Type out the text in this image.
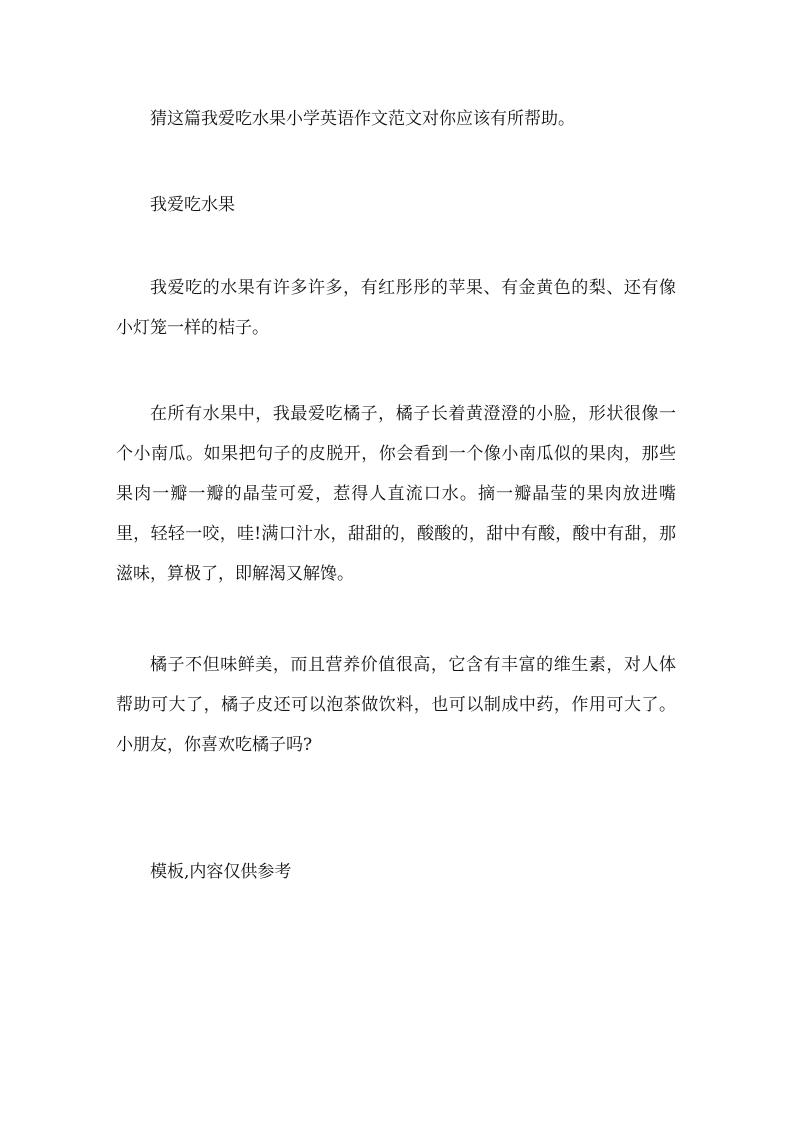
猜这篇我爱吃水果小学英语作文范文对你应该有所帮助。

我爱吃水果

我爱吃的水果有许多许多，有红彤彤的苹果、有金黄色的梨、还有像小灯笼一样的桔子。

在所有水果中，我最爱吃橘子，橘子长着黄澄澄的小脸，形状很像一个小南瓜。如果把句子的皮脱开，你会看到一个像小南瓜似的果肉，那些果肉一瓣一瓣的晶莹可爱，惹得人直流口水。摘一瓣晶莹的果肉放进嘴里，轻轻一咬，哇!满口汁水，甜甜的，酸酸的，甜中有酸，酸中有甜，那滋味，算极了，即解渴又解馋。

橘子不但味鲜美，而且营养价值很高，它含有丰富的维生素，对人体帮助可大了，橘子皮还可以泡茶做饮料，也可以制成中药，作用可大了。小朋友，你喜欢吃橘子吗?

模板,内容仅供参考
